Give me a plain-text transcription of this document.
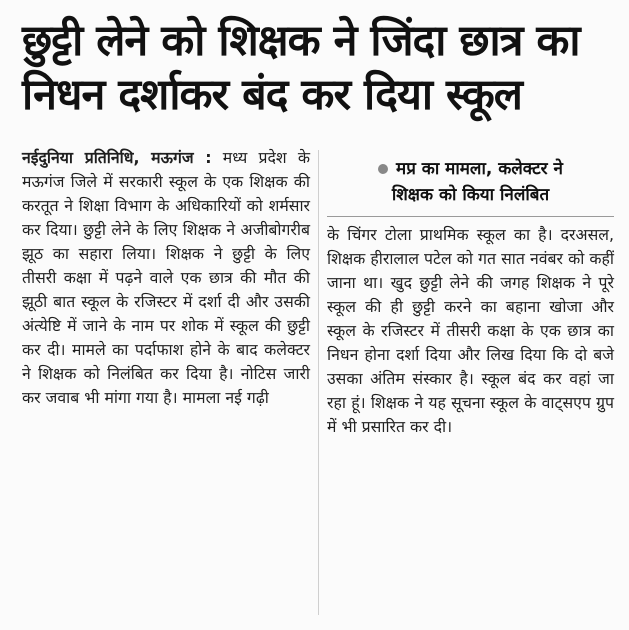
छुट्टी लेने को शिक्षक ने जिंदा छात्र का
निधन दर्शाकर बंद कर दिया स्कूल

नईदुनिया प्रतिनिधि, मऊगंज : मध्य प्रदेश के मऊगंज जिले में सरकारी स्कूल के एक शिक्षक की करतूत ने शिक्षा विभाग के अधिकारियों को शर्मसार कर दिया। छुट्टी लेने के लिए शिक्षक ने अजीबोगरीब झूठ का सहारा लिया। शिक्षक ने छुट्टी के लिए तीसरी कक्षा में पढ़ने वाले एक छात्र की मौत की झूठी बात स्कूल के रजिस्टर में दर्शा दी और उसकी अंत्येष्टि में जाने के नाम पर शोक में स्कूल की छुट्टी कर दी। मामले का पर्दाफाश होने के बाद कलेक्टर ने शिक्षक को निलंबित कर दिया है। नोटिस जारी कर जवाब भी मांगा गया है। मामला नई गढ़ी

मप्र का मामला, कलेक्टर ने
शिक्षक को किया निलंबित

के चिंगर टोला प्राथमिक स्कूल का है। दरअसल, शिक्षक हीरालाल पटेल को गत सात नवंबर को कहीं जाना था। खुद छुट्टी लेने की जगह शिक्षक ने पूरे स्कूल की ही छुट्टी करने का बहाना खोजा और स्कूल के रजिस्टर में तीसरी कक्षा के एक छात्र का निधन होना दर्शा दिया और लिख दिया कि दो बजे उसका अंतिम संस्कार है। स्कूल बंद कर वहां जा रहा हूं। शिक्षक ने यह सूचना स्कूल के वाट्सएप ग्रुप में भी प्रसारित कर दी।
